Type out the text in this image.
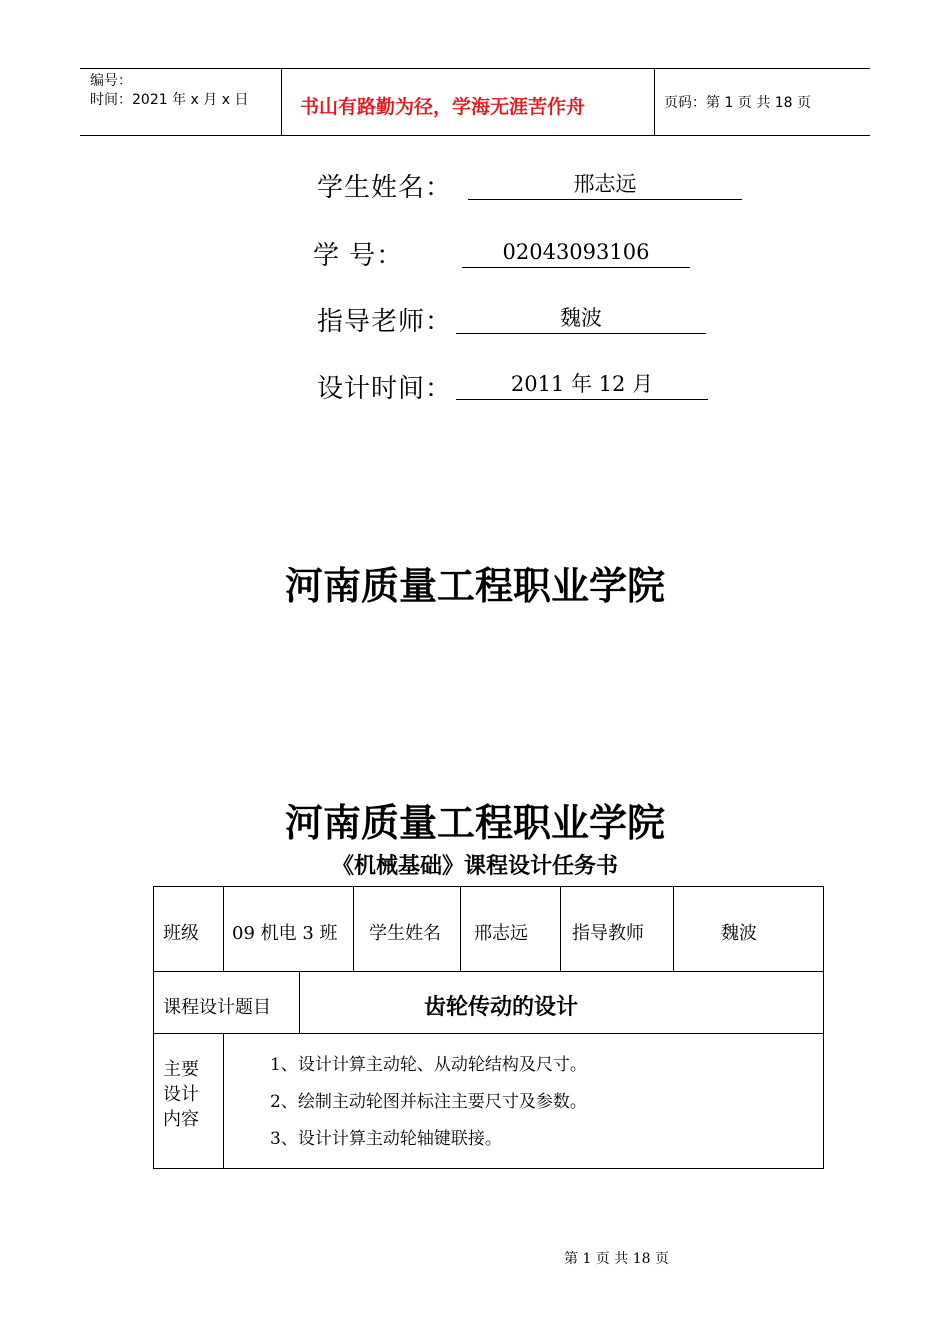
编号：
时间：2021 年 x 月 x 日	书山有路勤为径，学海无涯苦作舟	页码：第 1 页 共 18 页
学生姓名：	邢志远
学 号：	02043093106
指导老师：	魏波
设计时间：	2011 年 12 月
河南质量工程职业学院
河南质量工程职业学院
《机械基础》课程设计任务书
班级 09 机电 3 班 学生姓名 邢志远 指导教师	魏波
课程设计题目	齿轮传动的设计
主要
设计
内容
1、设计计算主动轮、从动轮结构及尺寸。
2、绘制主动轮图并标注主要尺寸及参数。
3、设计计算主动轮轴键联接。
第 1 页 共 18 页
